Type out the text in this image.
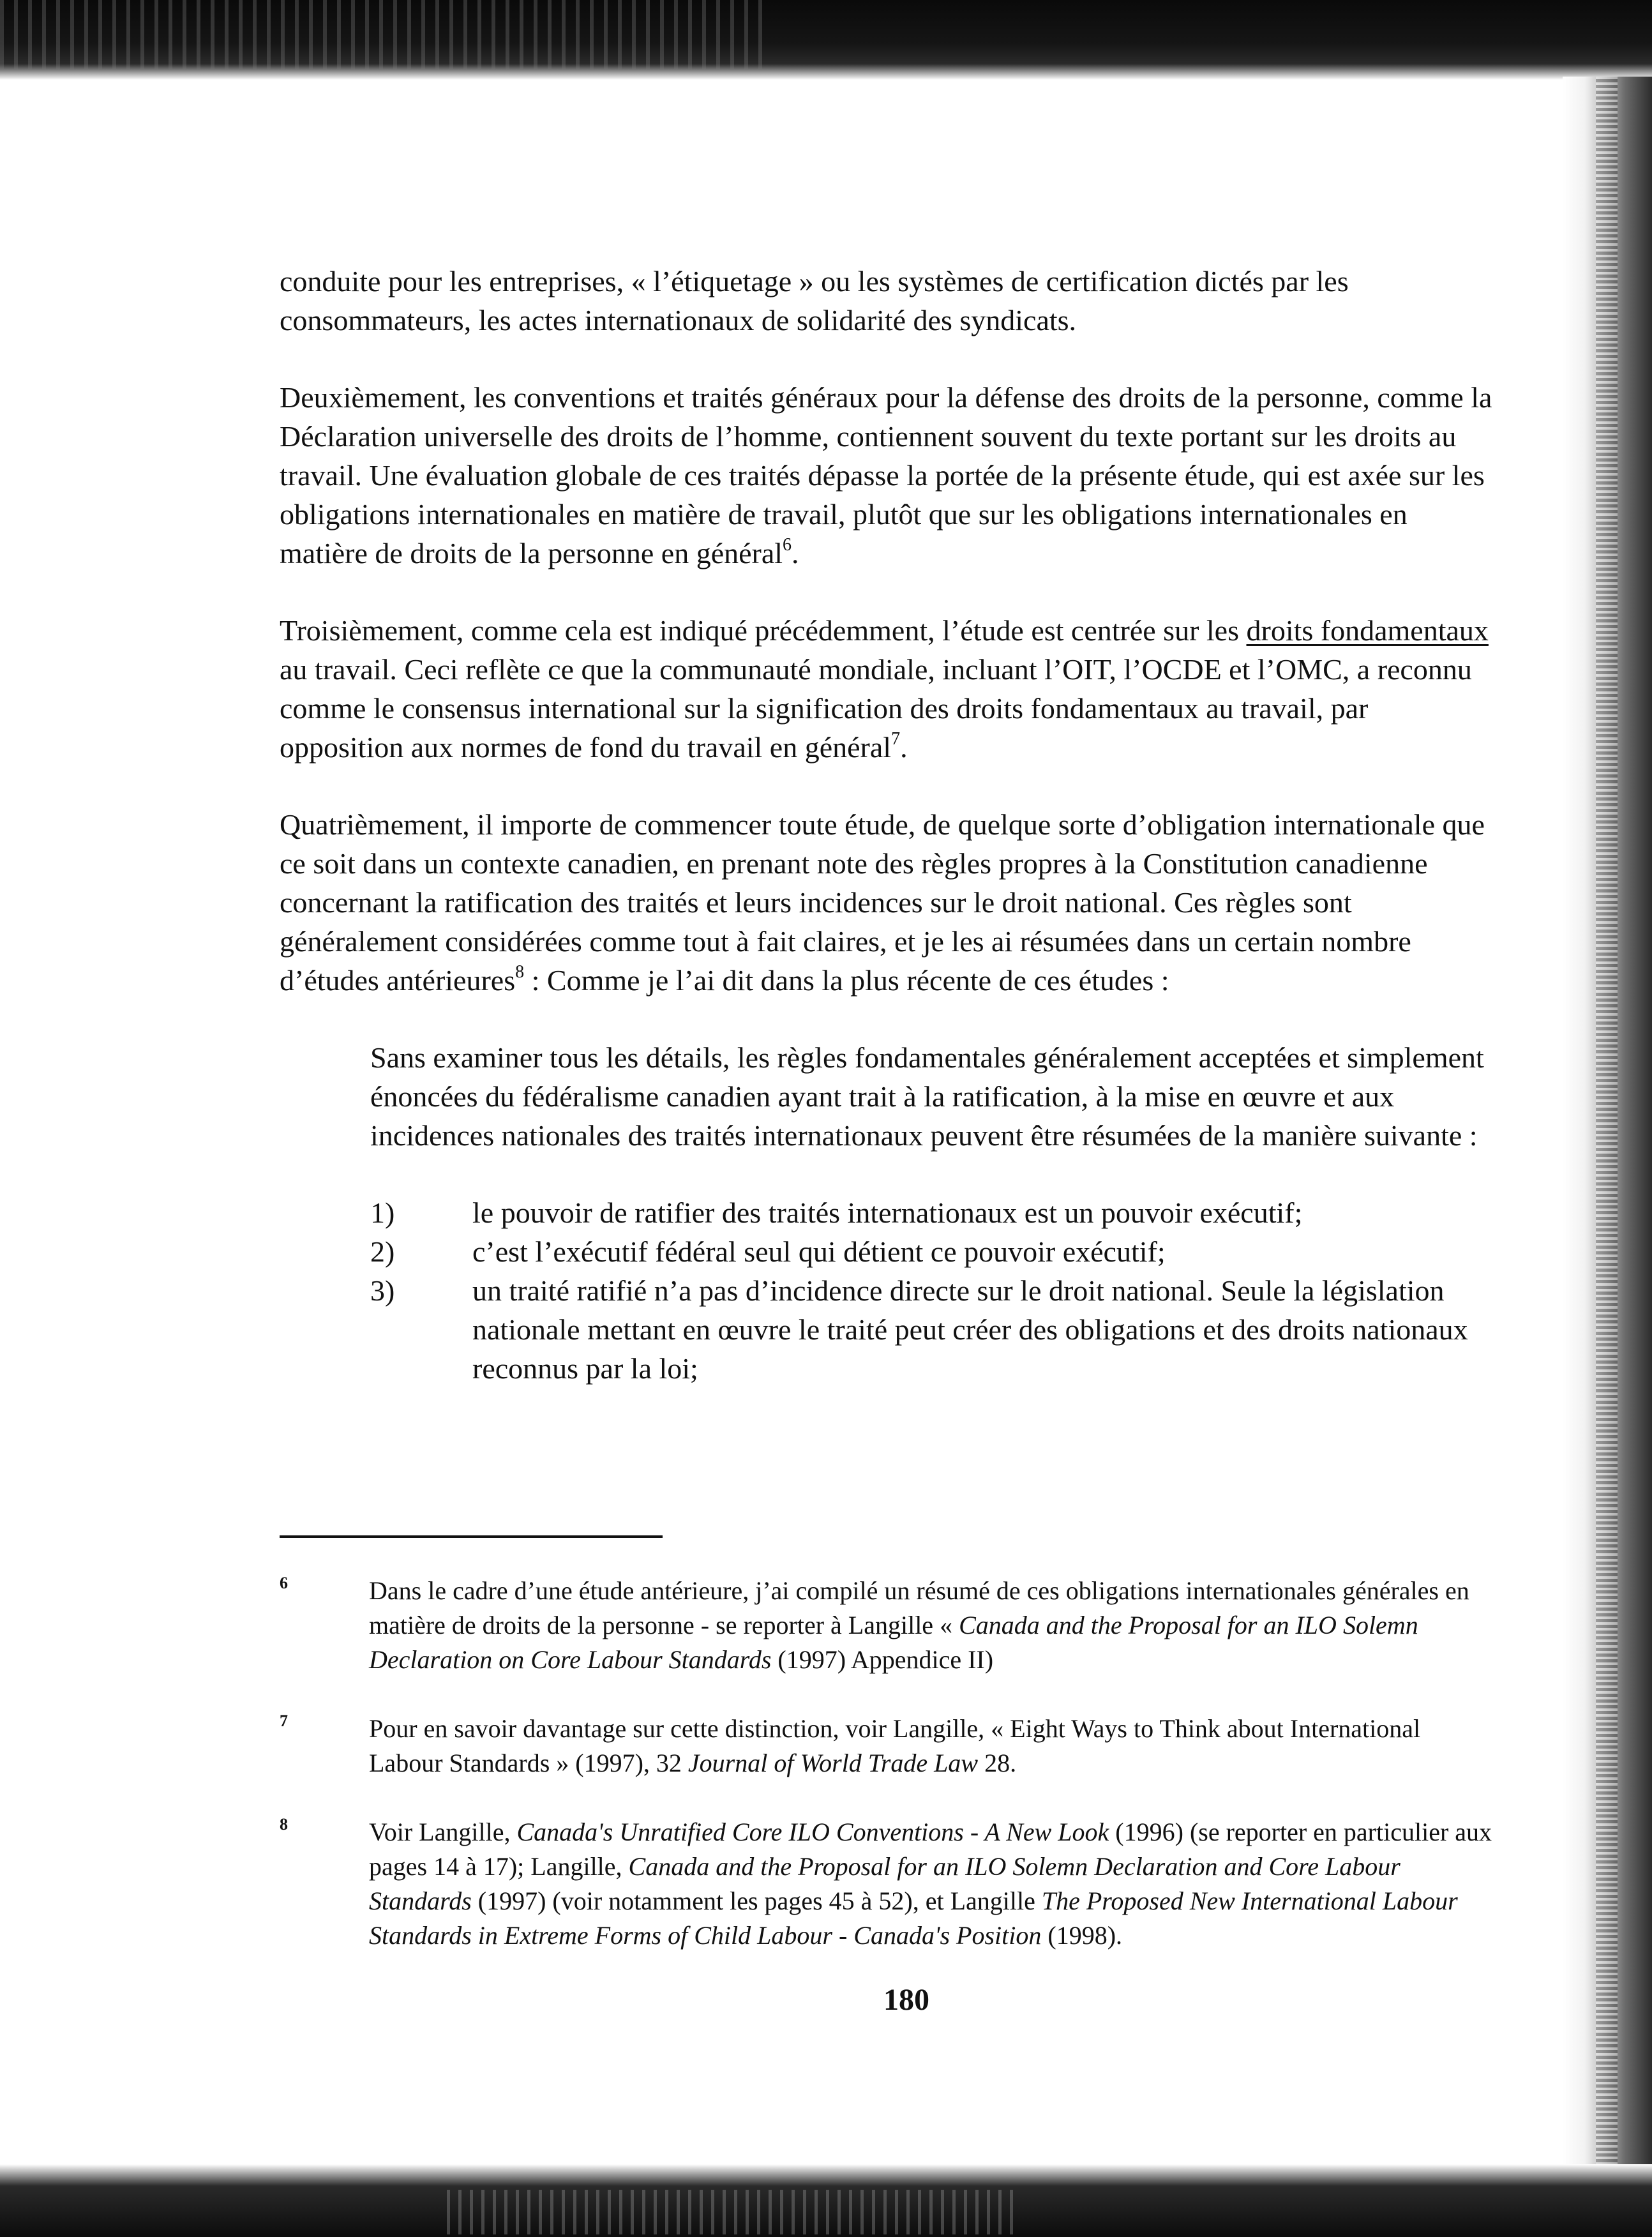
conduite pour les entreprises, « l’étiquetage » ou les systèmes de certification dictés par les consommateurs, les actes internationaux de solidarité des syndicats.

Deuxièmement, les conventions et traités généraux pour la défense des droits de la personne, comme la Déclaration universelle des droits de l’homme, contiennent souvent du texte portant sur les droits au travail. Une évaluation globale de ces traités dépasse la portée de la présente étude, qui est axée sur les obligations internationales en matière de travail, plutôt que sur les obligations internationales en matière de droits de la personne en général$^6$.

Troisièmement, comme cela est indiqué précédemment, l’étude est centrée sur les droits fondamentaux au travail. Ceci reflète ce que la communauté mondiale, incluant l’OIT, l’OCDE et l’OMC, a reconnu comme le consensus international sur la signification des droits fondamentaux au travail, par opposition aux normes de fond du travail en général$^7$.

Quatrièmement, il importe de commencer toute étude, de quelque sorte d’obligation internationale que ce soit dans un contexte canadien, en prenant note des règles propres à la Constitution canadienne concernant la ratification des traités et leurs incidences sur le droit national. Ces règles sont généralement considérées comme tout à fait claires, et je les ai résumées dans un certain nombre d’études antérieures$^8$ : Comme je l’ai dit dans la plus récente de ces études :

Sans examiner tous les détails, les règles fondamentales généralement acceptées et simplement énoncées du fédéralisme canadien ayant trait à la ratification, à la mise en œuvre et aux incidences nationales des traités internationaux peuvent être résumées de la manière suivante :

1)	le pouvoir de ratifier des traités internationaux est un pouvoir exécutif;
2)	c’est l’exécutif fédéral seul qui détient ce pouvoir exécutif;
3)	un traité ratifié n’a pas d’incidence directe sur le droit national. Seule la législation nationale mettant en œuvre le traité peut créer des obligations et des droits nationaux reconnus par la loi;
6	Dans le cadre d’une étude antérieure, j’ai compilé un résumé de ces obligations internationales générales en matière de droits de la personne - se reporter à Langille « Canada and the Proposal for an ILO Solemn Declaration on Core Labour Standards (1997) Appendice II)
7	Pour en savoir davantage sur cette distinction, voir Langille, « Eight Ways to Think about International Labour Standards » (1997), 32 Journal of World Trade Law 28.
8	Voir Langille, Canada's Unratified Core ILO Conventions - A New Look (1996) (se reporter en particulier aux pages 14 à 17); Langille, Canada and the Proposal for an ILO Solemn Declaration and Core Labour Standards (1997) (voir notamment les pages 45 à 52), et Langille The Proposed New International Labour Standards in Extreme Forms of Child Labour - Canada's Position (1998).
180
